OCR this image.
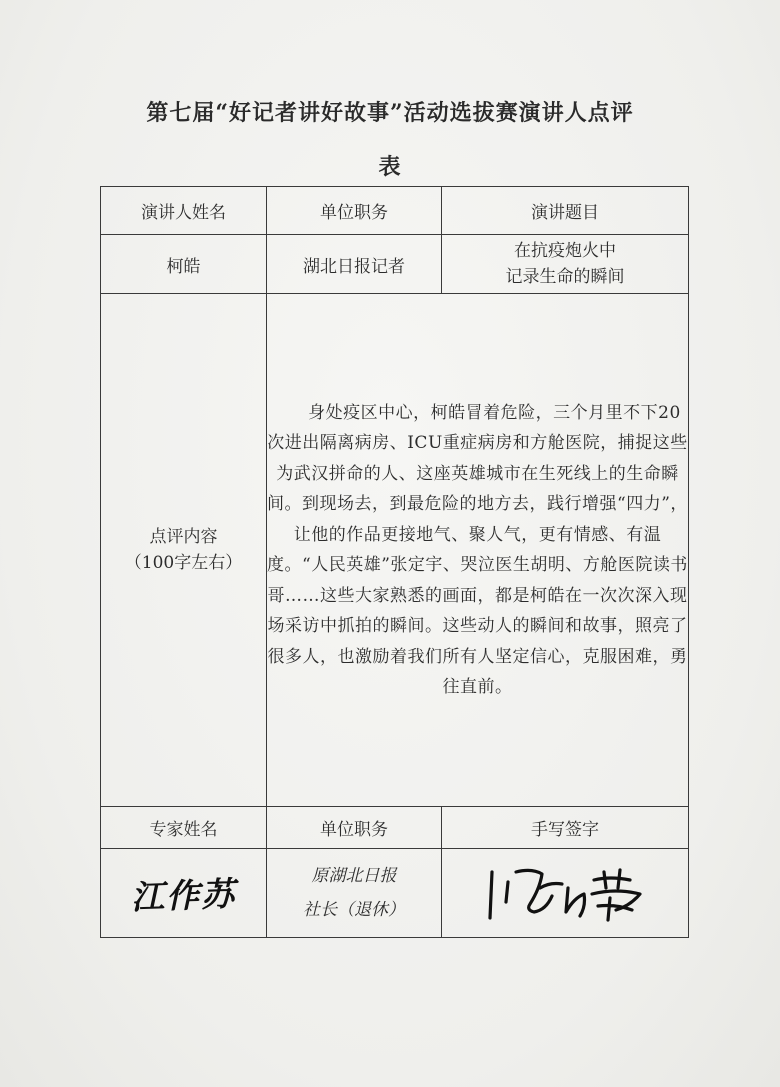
第七届“好记者讲好故事”活动选拔赛演讲人点评
表
演讲人姓名	单位职务	演讲题目
柯皓	湖北日报记者	在抗疫炮火中
记录生命的瞬间

点评内容
（100字左右）	身处疫区中心，柯皓冒着危险，三个月里不下20次进出隔离病房、ICU重症病房和方舱医院，捕捉这些为武汉拼命的人、这座英雄城市在生死线上的生命瞬间。到现场去，到最危险的地方去，践行增强“四力”，让他的作品更接地气、聚人气，更有情感、有温度。“人民英雄”张定宇、哭泣医生胡明、方舱医院读书哥……这些大家熟悉的画面，都是柯皓在一次次深入现场采访中抓拍的瞬间。这些动人的瞬间和故事，照亮了很多人，也激励着我们所有人坚定信心，克服困难，勇往直前。	
专家姓名	单位职务	手写签字
江作苏	原湖北日报
社长（退休）
